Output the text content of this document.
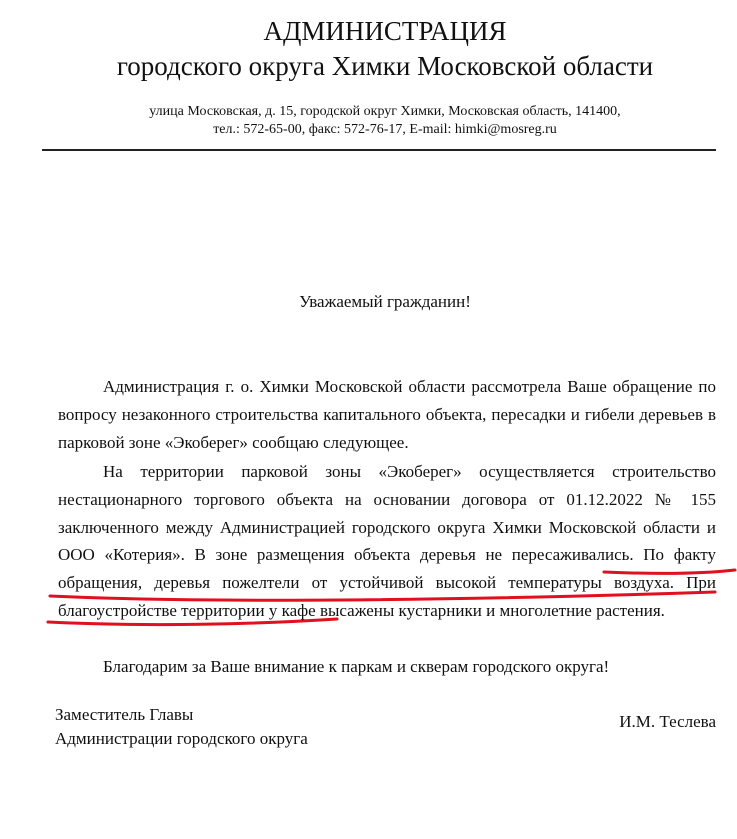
АДМИНИСТРАЦИЯ
городского округа Химки Московской области
улица Московская, д. 15, городской округ Химки, Московская область, 141400,
тел.: 572-65-00, факс: 572-76-17, E-mail: himki@mosreg.ru
Уважаемый гражданин!

Администрация г. о. Химки Московской области рассмотрела Ваше обращение по вопросу незаконного строительства капитального объекта, пересадки и гибели деревьев в парковой зоне «Экоберег» сообщаю следующее.

На территории парковой зоны «Экоберег» осуществляется строительство нестационарного торгового объекта на основании договора от 01.12.2022 № 155 заключенного между Администрацией городского округа Химки Московской области и ООО «Котерия». В зоне размещения объекта деревья не пересаживались. По факту обращения, деревья пожелтели от устойчивой высокой температуры воздуха. При благоустройстве территории у кафе высажены кустарники и многолетние растения.

Благодарим за Ваше внимание к паркам и скверам городского округа!

Заместитель Главы
Администрации городского округа
И.М. Теслева
